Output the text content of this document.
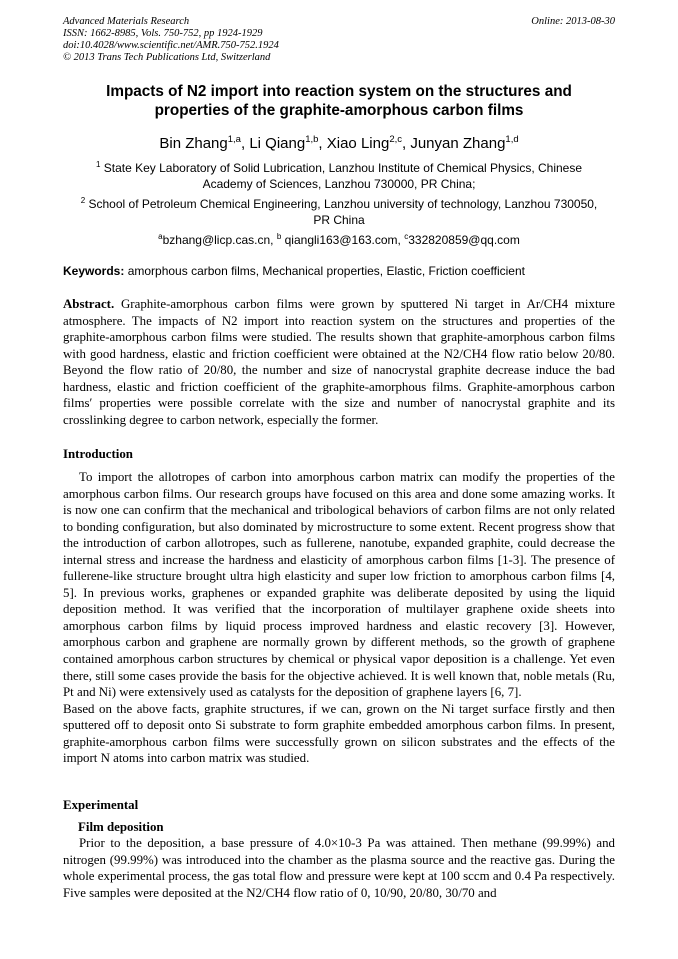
Advanced Materials Research
ISSN: 1662-8985, Vols. 750-752, pp 1924-1929
doi:10.4028/www.scientific.net/AMR.750-752.1924
© 2013 Trans Tech Publications Ltd, Switzerland
Online: 2013-08-30
Impacts of N2 import into reaction system on the structures and
properties of the graphite-amorphous carbon films
Bin Zhang$^{1,a}$, Li Qiang$^{1,b}$, Xiao Ling$^{2,c}$, Junyan Zhang$^{1,d}$
$^1$ State Key Laboratory of Solid Lubrication, Lanzhou Institute of Chemical Physics, Chinese
Academy of Sciences, Lanzhou 730000, PR China;
$^2$ School of Petroleum Chemical Engineering, Lanzhou university of technology, Lanzhou 730050,
PR China
$^a$bzhang@licp.cas.cn, $^b$ qiangli163@163.com, $^c$332820859@qq.com
Keywords: amorphous carbon films, Mechanical properties, Elastic, Friction coefficient

Abstract. Graphite-amorphous carbon films were grown by sputtered Ni target in Ar/CH4 mixture atmosphere. The impacts of N2 import into reaction system on the structures and properties of the graphite-amorphous carbon films were studied. The results shown that graphite-amorphous carbon films with good hardness, elastic and friction coefficient were obtained at the N2/CH4 flow ratio below 20/80. Beyond the flow ratio of 20/80, the number and size of nanocrystal graphite decrease induce the bad hardness, elastic and friction coefficient of the graphite-amorphous films. Graphite-amorphous carbon films′ properties were possible correlate with the size and number of nanocrystal graphite and its crosslinking degree to carbon network, especially the former.

Introduction

To import the allotropes of carbon into amorphous carbon matrix can modify the properties of the amorphous carbon films. Our research groups have focused on this area and done some amazing works. It is now one can confirm that the mechanical and tribological behaviors of carbon films are not only related to bonding configuration, but also dominated by microstructure to some extent. Recent progress show that the introduction of carbon allotropes, such as fullerene, nanotube, expanded graphite, could decrease the internal stress and increase the hardness and elasticity of amorphous carbon films [1-3]. The presence of fullerene-like structure brought ultra high elasticity and super low friction to amorphous carbon films [4, 5]. In previous works, graphenes or expanded graphite was deliberate deposited by using the liquid deposition method. It was verified that the incorporation of multilayer graphene oxide sheets into amorphous carbon films by liquid process improved hardness and elastic recovery [3]. However, amorphous carbon and graphene are normally grown by different methods, so the growth of graphene contained amorphous carbon structures by chemical or physical vapor deposition is a challenge. Yet even there, still some cases provide the basis for the objective achieved. It is well known that, noble metals (Ru, Pt and Ni) were extensively used as catalysts for the deposition of graphene layers [6, 7].

Based on the above facts, graphite structures, if we can, grown on the Ni target surface firstly and then sputtered off to deposit onto Si substrate to form graphite embedded amorphous carbon films. In present, graphite-amorphous carbon films were successfully grown on silicon substrates and the effects of the import N atoms into carbon matrix was studied.

Experimental
Film deposition

Prior to the deposition, a base pressure of 4.0×10-3 Pa was attained. Then methane (99.99%) and nitrogen (99.99%) was introduced into the chamber as the plasma source and the reactive gas. During the whole experimental process, the gas total flow and pressure were kept at 100 sccm and 0.4 Pa respectively. Five samples were deposited at the N2/CH4 flow ratio of 0, 10/90, 20/80, 30/70 and
